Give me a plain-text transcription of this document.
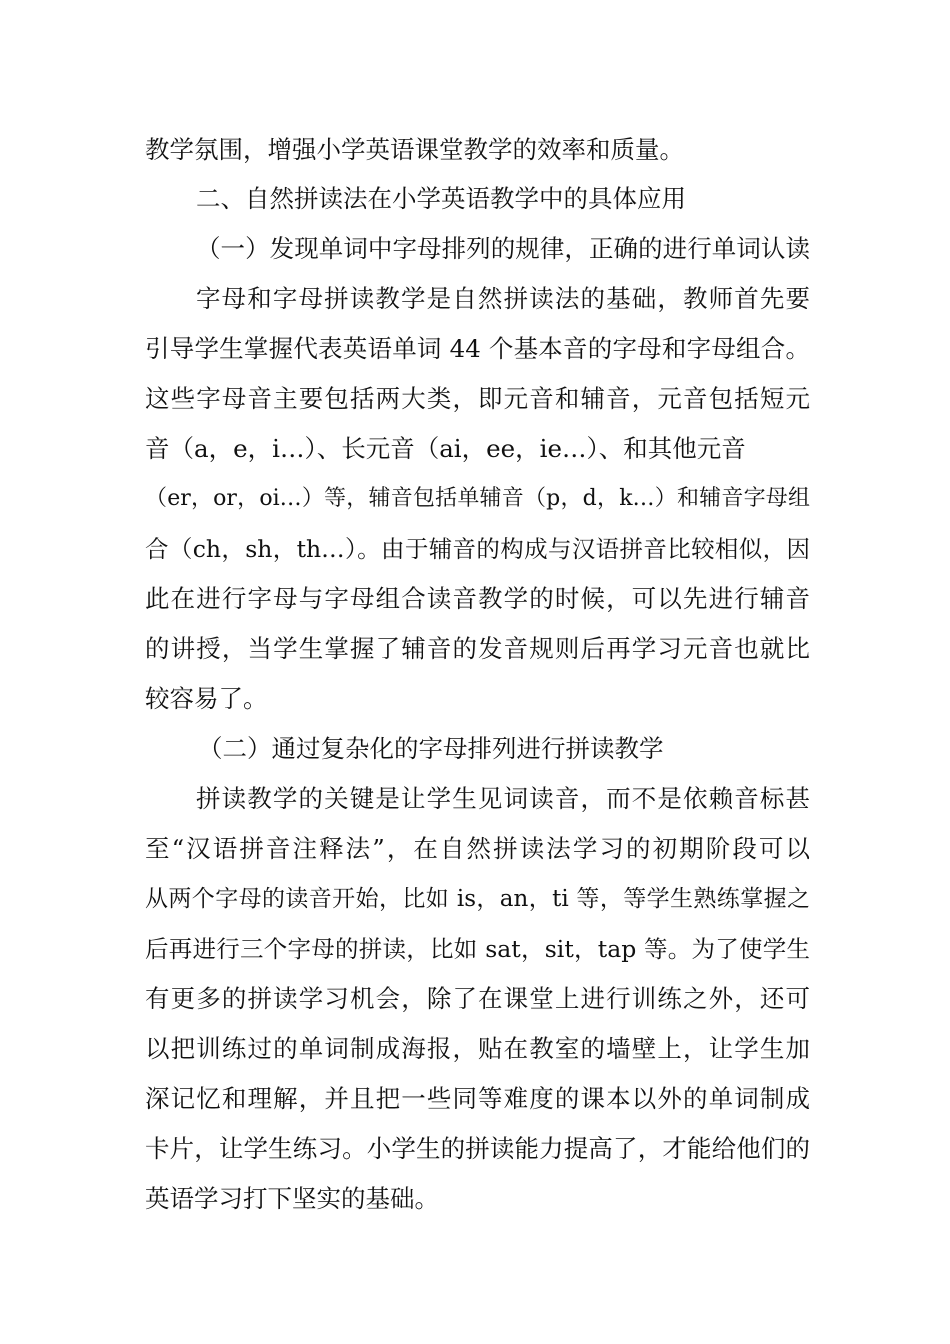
教学氛围，增强小学英语课堂教学的效率和质量。
二、自然拼读法在小学英语教学中的具体应用
（一）发现单词中字母排列的规律，正确的进行单词认读
字母和字母拼读教学是自然拼读法的基础，教师首先要
引导学生掌握代表英语单词 44 个基本音的字母和字母组合。
这些字母音主要包括两大类，即元音和辅音，元音包括短元
音（a，e，i…）、长元音（ai，ee，ie…）、和其他元音
（er，or，oi…）等，辅音包括单辅音（p，d，k…）和辅音字母组
合（ch，sh，th…）。由于辅音的构成与汉语拼音比较相似，因
此在进行字母与字母组合读音教学的时候，可以先进行辅音
的讲授，当学生掌握了辅音的发音规则后再学习元音也就比
较容易了。
（二）通过复杂化的字母排列进行拼读教学
拼读教学的关键是让学生见词读音，而不是依赖音标甚
至“汉语拼音注释法”，在自然拼读法学习的初期阶段可以
从两个字母的读音开始，比如 is，an，ti 等，等学生熟练掌握之
后再进行三个字母的拼读，比如 sat，sit，tap 等。为了使学生
有更多的拼读学习机会，除了在课堂上进行训练之外，还可
以把训练过的单词制成海报，贴在教室的墙壁上，让学生加
深记忆和理解，并且把一些同等难度的课本以外的单词制成
卡片，让学生练习。小学生的拼读能力提高了，才能给他们的
英语学习打下坚实的基础。
